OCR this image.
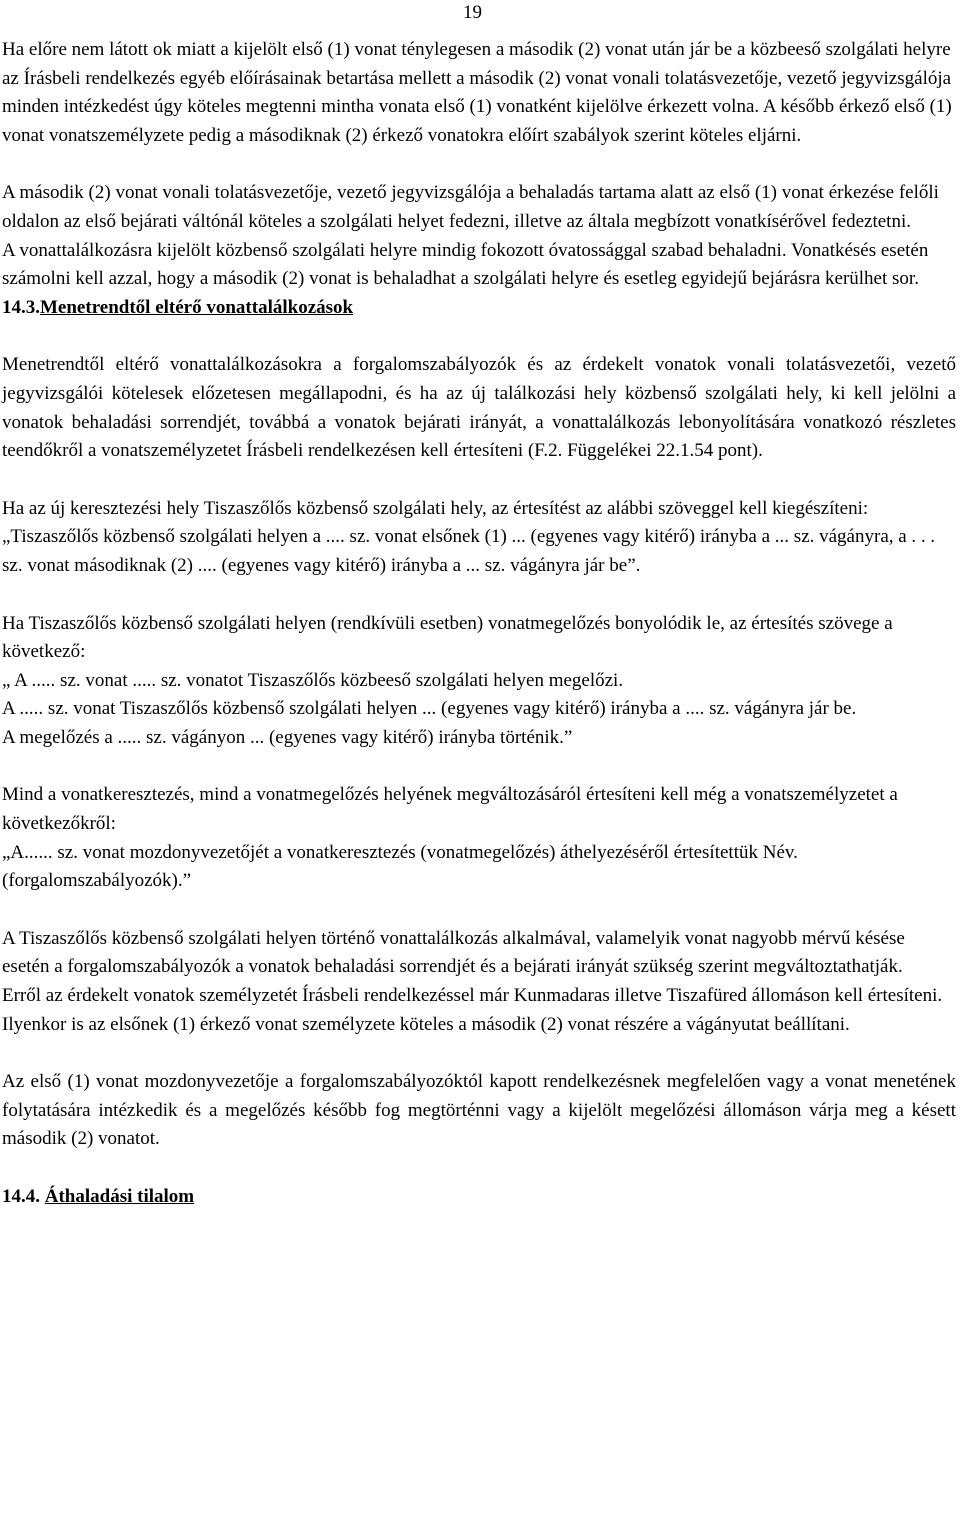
19

Ha előre nem látott ok miatt a kijelölt első (1) vonat ténylegesen a második (2) vonat után jár be a közbeeső szolgálati helyre az Írásbeli rendelkezés egyéb előírásainak betartása mellett a második (2) vonat vonali tolatásvezetője, vezető jegyvizsgálója minden intézkedést úgy köteles megtenni mintha vonata első (1) vonatként kijelölve érkezett volna. A később érkező első (1) vonat vonatszemélyzete pedig a másodiknak (2) érkező vonatokra előírt szabályok szerint köteles eljárni.

A második (2) vonat vonali tolatásvezetője, vezető jegyvizsgálója a behaladás tartama alatt az első (1) vonat érkezése felőli oldalon az első bejárati váltónál köteles a szolgálati helyet fedezni, illetve az általa megbízott vonatkísérővel fedeztetni.

A vonattalálkozásra kijelölt közbenső szolgálati helyre mindig fokozott óvatossággal szabad behaladni. Vonatkésés esetén számolni kell azzal, hogy a második (2) vonat is behaladhat a szolgálati helyre és esetleg egyidejű bejárásra kerülhet sor.

14.3.Menetrendtől eltérő vonattalálkozások

Menetrendtől eltérő vonattalálkozásokra a forgalomszabályozók és az érdekelt vonatok vonali tolatásvezetői, vezető jegyvizsgálói kötelesek előzetesen megállapodni, és ha az új találkozási hely közbenső szolgálati hely, ki kell jelölni a vonatok behaladási sorrendjét, továbbá a vonatok bejárati irányát, a vonattalálkozás lebonyolítására vonatkozó részletes teendőkről a vonatszemélyzetet Írásbeli rendelkezésen kell értesíteni (F.2. Függelékei 22.1.54 pont).

Ha az új keresztezési hely Tiszaszőlős közbenső szolgálati hely, az értesítést az alábbi szöveggel kell kiegészíteni:

„Tiszaszőlős közbenső szolgálati helyen a .... sz. vonat elsőnek (1) ... (egyenes vagy kitérő) irányba a ... sz. vágányra, a . . . sz. vonat másodiknak (2) .... (egyenes vagy kitérő) irányba a ... sz. vágányra jár be”.

Ha Tiszaszőlős közbenső szolgálati helyen (rendkívüli esetben) vonatmegelőzés bonyolódik le, az értesítés szövege a következő:

„ A ..... sz. vonat ..... sz. vonatot Tiszaszőlős közbeeső szolgálati helyen megelőzi.

A ..... sz. vonat Tiszaszőlős közbenső szolgálati helyen ... (egyenes vagy kitérő) irányba a .... sz. vágányra jár be.

A megelőzés a ..... sz. vágányon ... (egyenes vagy kitérő) irányba történik.”

Mind a vonatkeresztezés, mind a vonatmegelőzés helyének megváltozásáról értesíteni kell még a vonatszemélyzetet a következőkről:

„A...... sz. vonat mozdonyvezetőjét a vonatkeresztezés (vonatmegelőzés) áthelyezéséről értesítettük Név. (forgalomszabályozók).”

A Tiszaszőlős közbenső szolgálati helyen történő vonattalálkozás alkalmával, valamelyik vonat nagyobb mérvű késése esetén a forgalomszabályozók a vonatok behaladási sorrendjét és a bejárati irányát szükség szerint megváltoztathatják.

Erről az érdekelt vonatok személyzetét Írásbeli rendelkezéssel már Kunmadaras illetve Tiszafüred állomáson kell értesíteni. Ilyenkor is az elsőnek (1) érkező vonat személyzete köteles a második (2) vonat részére a vágányutat beállítani.

Az első (1) vonat mozdonyvezetője a forgalomszabályozóktól kapott rendelkezésnek megfelelően vagy a vonat menetének folytatására intézkedik és a megelőzés később fog megtörténni vagy a kijelölt megelőzési állomáson várja meg a késett második (2) vonatot.

14.4. Áthaladási tilalom
